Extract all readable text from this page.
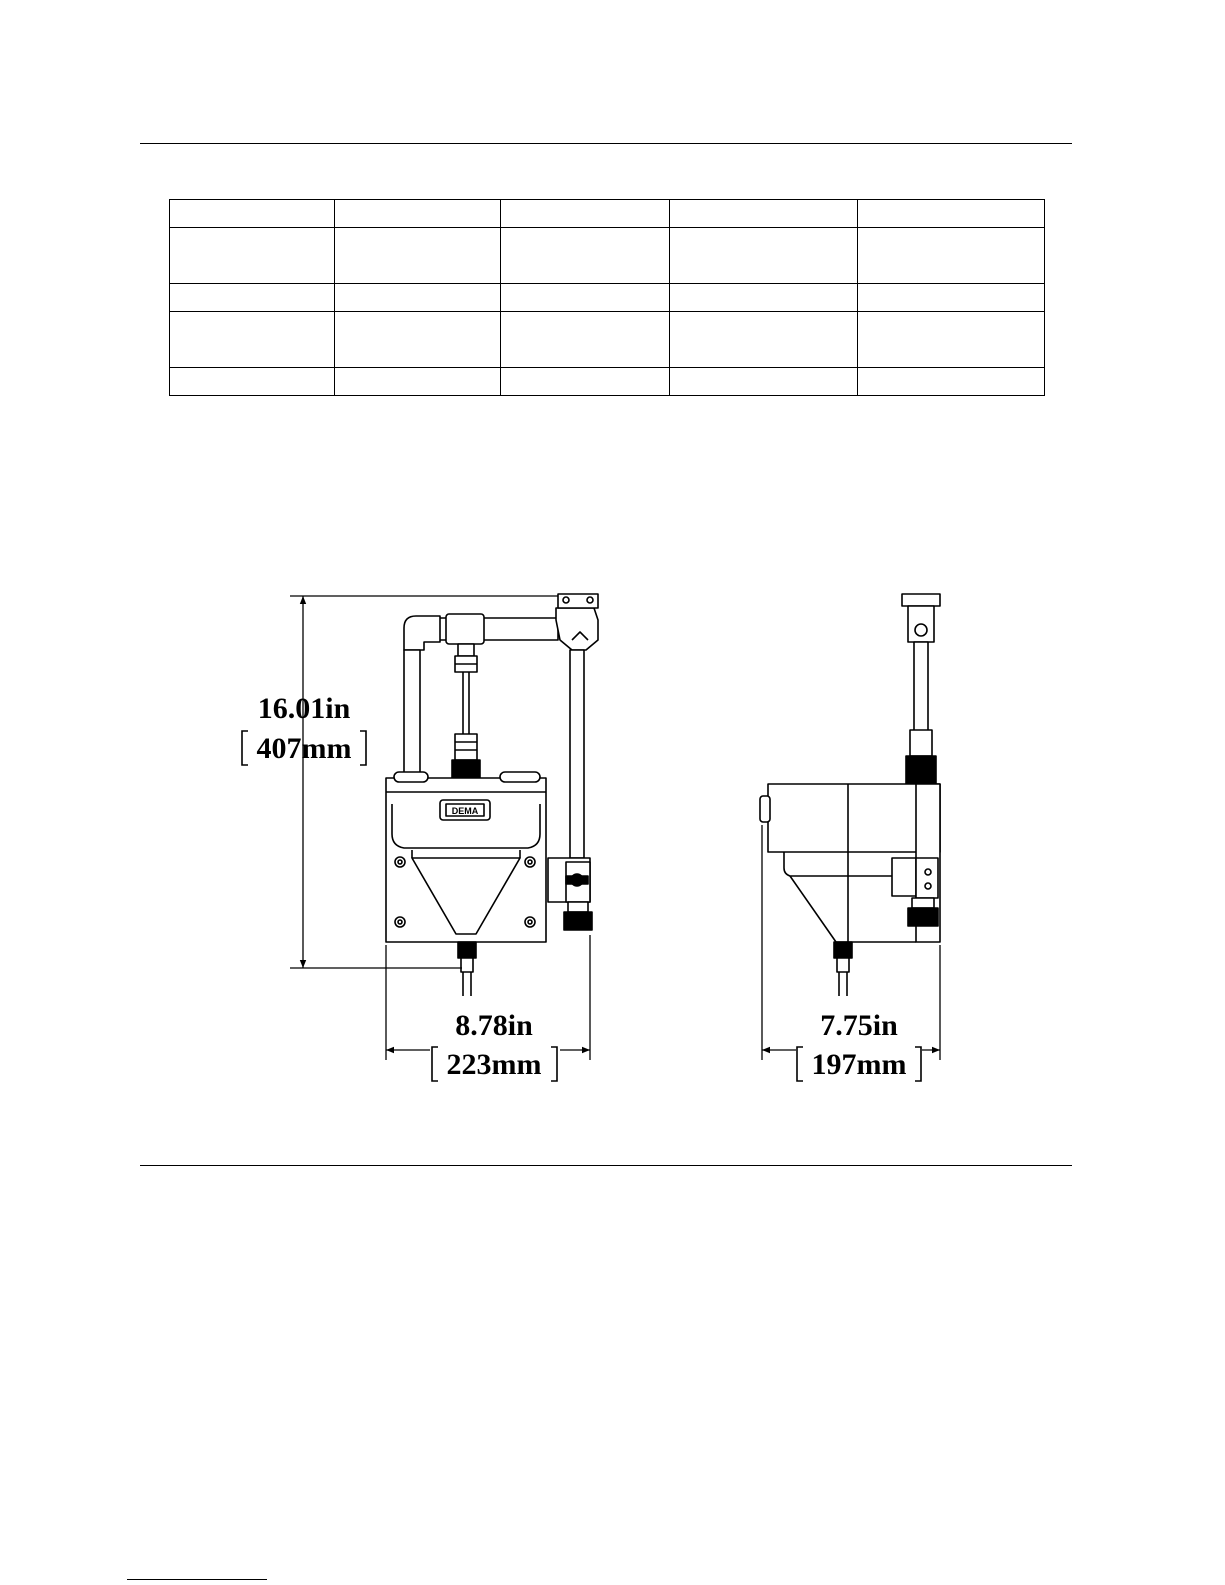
DEMA
16.01in
407mm
8.78in
223mm
7.75in
197mm
